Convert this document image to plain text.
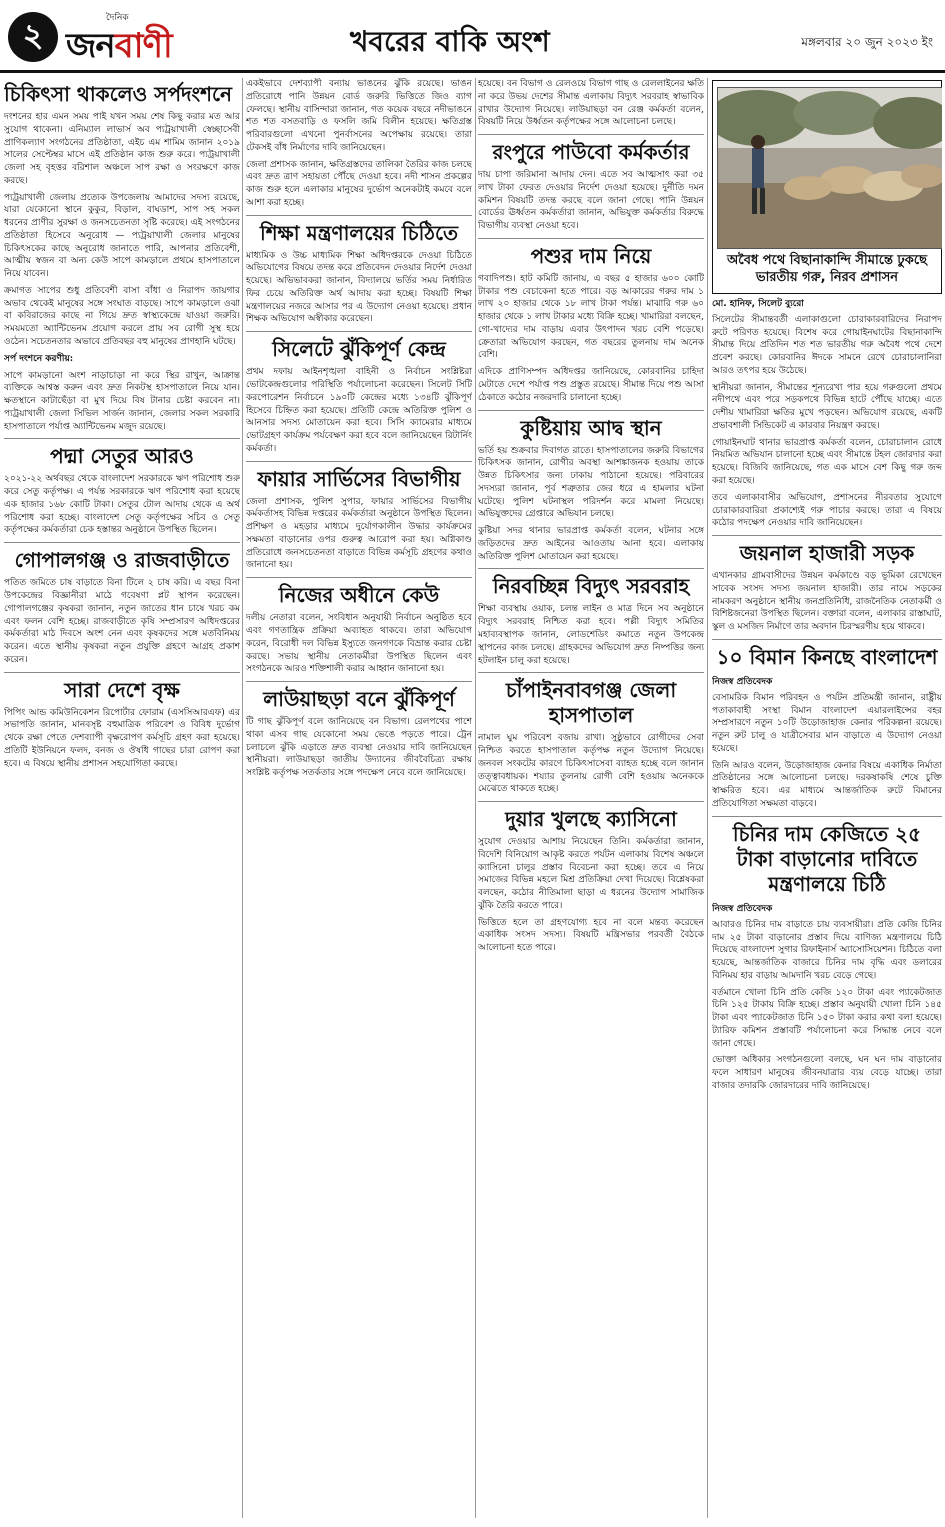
২	দৈনিক
জনবাণী	খবরের বাকি অংশ	মঙ্গলবার ২০ জুন ২০২৩ ইং
চিকিৎসা থাকলেও সর্পদংশনে

দংশনের হার এমন সময় পাই যখন সময় শেষ কিছু করার মত আর সুযোগ থাকেনা। এনিম্যাল লাভার্স অব প্যট্রয়াখালী স্বেচ্ছাসেবী প্রাণিকল্যাণ সংগঠনের প্রতিষ্ঠাতা, এইচ এম শামিম জানান ২০১৯ সালের সেপ্টেম্বর মাসে এই প্রতিষ্ঠান কাজ শুরু করে। প্যট্রয়াখালী জেলা সহ বৃহত্তর বরিশাল অঞ্চলে সাপ রক্ষা ও সংরক্ষণে কাজ করছে।

প্যট্রয়াখালী জেলায় প্রত্যেক উপজেলায় আমাদের সদস্য রয়েছে, যারা যেকোনো স্থানে কুকুর, বিড়াল, বাঘডাশ, সাপ সহ সকল ধরনের প্রাণীর সুরক্ষা ও জনসচেতনতা সৃষ্টি করেছে। এই সংগঠনের প্রতিষ্ঠাতা হিসেবে অনুরোধ — প্যট্রয়াখালী জেলার মানুষের চিকিৎসকের কাছে অনুরোধ জানাতে পারি, আপনার প্রতিবেশী, আত্মীয় স্বজন বা অন্য কেউ সাপে কামড়ালে প্রথমে হাসপাতালে নিয়ে যাবেন।

ক্রমাগত সাপের শুধু প্রতিবেশী বাসা বাঁধা ও নিরাপদ জায়গার অভাব থেকেই মানুষের সঙ্গে সংঘাত বাড়ছে। সাপে কামড়ালে ওঝা বা কবিরাজের কাছে না গিয়ে দ্রুত স্বাস্থ্যকেন্দ্রে যাওয়া জরুরি। সময়মতো অ্যান্টিভেনম প্রয়োগ করলে প্রায় সব রোগী সুস্থ হয়ে ওঠেন। সচেতনতার অভাবে প্রতিবছর বহু মানুষের প্রাণহানি ঘটছে।

সর্প দংশনে করণীয়:

সাপে কামড়ানো অংশ নাড়াচাড়া না করে স্থির রাখুন, আক্রান্ত ব্যক্তিকে আশ্বস্ত করুন এবং দ্রুত নিকটস্থ হাসপাতালে নিয়ে যান। ক্ষতস্থানে কাটাছেঁড়া বা মুখ দিয়ে বিষ টানার চেষ্টা করবেন না। প্যট্রয়াখালী জেলা সিভিল সার্জন জানান, জেলার সকল সরকারি হাসপাতালে পর্যাপ্ত অ্যান্টিভেনম মজুদ রয়েছে।

পদ্মা সেতুর আরও

২০২১-২২ অর্থবছর থেকে বাংলাদেশ সরকারকে ঋণ পরিশোধ শুরু করে সেতু কর্তৃপক্ষ। এ পর্যন্ত সরকারকে ঋণ পরিশোধ করা হয়েছে এক হাজার ১৬৮ কোটি টাকা। সেতুর টোল আদায় থেকে এ অর্থ পরিশোধ করা হচ্ছে। বাংলাদেশ সেতু কর্তৃপক্ষের সচিব ও সেতু কর্তৃপক্ষের কর্মকর্তারা চেক হস্তান্তর অনুষ্ঠানে উপস্থিত ছিলেন।

গোপালগঞ্জ ও রাজবাড়ীতে

পতিত জমিতে চাষ বাড়াতে বিনা টিলে ২ চাষ করি। এ বছর বিনা উপকেন্দ্রের বিজ্ঞানীরা মাঠে গবেষণা প্লট স্থাপন করেছেন। গোপালগঞ্জের কৃষকরা জানান, নতুন জাতের ধান চাষে খরচ কম এবং ফলন বেশি হচ্ছে। রাজবাড়ীতে কৃষি সম্প্রসারণ অধিদপ্তরের কর্মকর্তারা মাঠ দিবসে অংশ নেন এবং কৃষকদের সঙ্গে মতবিনিময় করেন। এতে স্থানীয় কৃষকরা নতুন প্রযুক্তি গ্রহণে আগ্রহ প্রকাশ করেন।

সারা দেশে বৃক্ষ

পিপিং আন্ড কমিউনিকেশন রিপোর্টার ফোরাম (এসসিআরএফ) এর সভাপতি জানান, মানবসৃষ্ট বহুমাত্রিক পরিবেশ ও বিবিধ দুর্ভোগ থেকে রক্ষা পেতে দেশব্যাপী বৃক্ষরোপণ কর্মসূচি গ্রহণ করা হয়েছে। প্রতিটি ইউনিয়নে ফলদ, বনজ ও ঔষধি গাছের চারা রোপণ করা হবে। এ বিষয়ে স্থানীয় প্রশাসন সহযোগিতা করছে।

একইভাবে দেশব্যাপী বন্যায় ভাঙনের ঝুঁকি রয়েছে। ভাঙন প্রতিরোধে পানি উন্নয়ন বোর্ড জরুরি ভিত্তিতে জিও ব্যাগ ফেলছে। স্থানীয় বাসিন্দারা জানান, গত কয়েক বছরে নদীভাঙনে শত শত বসতবাড়ি ও ফসলি জমি বিলীন হয়েছে। ক্ষতিগ্রস্ত পরিবারগুলো এখনো পুনর্বাসনের অপেক্ষায় রয়েছে। তারা টেকসই বাঁধ নির্মাণের দাবি জানিয়েছেন।

জেলা প্রশাসক জানান, ক্ষতিগ্রস্তদের তালিকা তৈরির কাজ চলছে এবং দ্রুত ত্রাণ সহায়তা পৌঁছে দেওয়া হবে। নদী শাসন প্রকল্পের কাজ শুরু হলে এলাকার মানুষের দুর্ভোগ অনেকটাই কমবে বলে আশা করা হচ্ছে।

শিক্ষা মন্ত্রণালয়ের চিঠিতে

মাধ্যমিক ও উচ্চ মাধ্যমিক শিক্ষা অধিদপ্তরকে দেওয়া চিঠিতে অভিযোগের বিষয়ে তদন্ত করে প্রতিবেদন দেওয়ার নির্দেশ দেওয়া হয়েছে। অভিভাবকরা জানান, বিদ্যালয়ে ভর্তির সময় নির্ধারিত ফির চেয়ে অতিরিক্ত অর্থ আদায় করা হচ্ছে। বিষয়টি শিক্ষা মন্ত্রণালয়ের নজরে আসার পর এ উদ্যোগ নেওয়া হয়েছে। প্রধান শিক্ষক অভিযোগ অস্বীকার করেছেন।

সিলেটে ঝুঁকিপূর্ণ কেন্দ্র

প্রথম দফায় আইনশৃঙ্খলা বাহিনী ও নির্বাচন সংশ্লিষ্টরা ভোটকেন্দ্রগুলোর পরিস্থিতি পর্যালোচনা করেছেন। সিলেট সিটি করপোরেশন নির্বাচনে ১৯০টি কেন্দ্রের মধ্যে ১৩৪টি ঝুঁকিপূর্ণ হিসেবে চিহ্নিত করা হয়েছে। প্রতিটি কেন্দ্রে অতিরিক্ত পুলিশ ও আনসার সদস্য মোতায়েন করা হবে। সিসি ক্যামেরার মাধ্যমে ভোটগ্রহণ কার্যক্রম পর্যবেক্ষণ করা হবে বলে জানিয়েছেন রিটার্নিং কর্মকর্তা।

ফায়ার সার্ভিসের বিভাগীয়

জেলা প্রশাসক, পুলিশ সুপার, ফায়ার সার্ভিসের বিভাগীয় কর্মকর্তাসহ বিভিন্ন দপ্তরের কর্মকর্তারা অনুষ্ঠানে উপস্থিত ছিলেন। প্রশিক্ষণ ও মহড়ার মাধ্যমে দুর্যোগকালীন উদ্ধার কার্যক্রমের সক্ষমতা বাড়ানোর ওপর গুরুত্ব আরোপ করা হয়। অগ্নিকাণ্ড প্রতিরোধে জনসচেতনতা বাড়াতে বিভিন্ন কর্মসূচি গ্রহণের কথাও জানানো হয়।

নিজের অধীনে কেউ

দলীয় নেতারা বলেন, সংবিধান অনুযায়ী নির্বাচন অনুষ্ঠিত হবে এবং গণতান্ত্রিক প্রক্রিয়া অব্যাহত থাকবে। তারা অভিযোগ করেন, বিরোধী দল বিভিন্ন ইস্যুতে জনগণকে বিভ্রান্ত করার চেষ্টা করছে। সভায় স্থানীয় নেতাকর্মীরা উপস্থিত ছিলেন এবং সংগঠনকে আরও শক্তিশালী করার আহ্বান জানানো হয়।

লাউয়াছড়া বনে ঝুঁকিপূর্ণ

টি গাছ ঝুঁকিপূর্ণ বলে জানিয়েছে বন বিভাগ। রেলপথের পাশে থাকা এসব গাছ যেকোনো সময় ভেঙে পড়তে পারে। ট্রেন চলাচলে ঝুঁকি এড়াতে দ্রুত ব্যবস্থা নেওয়ার দাবি জানিয়েছেন স্থানীয়রা। লাউয়াছড়া জাতীয় উদ্যানের জীববৈচিত্র্য রক্ষায় সংশ্লিষ্ট কর্তৃপক্ষ সতর্কতার সঙ্গে পদক্ষেপ নেবে বলে জানিয়েছে।

হয়েছে। বন বিভাগ ও রেলওয়ে বিভাগ গাছ ও রেললাইনের ক্ষতি না করে উভয় দেশের সীমান্ত এলাকায় বিদ্যুৎ সরবরাহ স্বাভাবিক রাখার উদ্যোগ নিয়েছে। লাউয়াছড়া বন রেঞ্জ কর্মকর্তা বলেন, বিষয়টি নিয়ে উর্ধ্বতন কর্তৃপক্ষের সঙ্গে আলোচনা চলছে।

রংপুরে পাউবো কর্মকর্তার

দায় চাপা জরিমানা আদায় দেন। এতে সব আত্মসাৎ করা ৩৫ লাখ টাকা ফেরত দেওয়ার নির্দেশ দেওয়া হয়েছে। দুর্নীতি দমন কমিশন বিষয়টি তদন্ত করছে বলে জানা গেছে। পানি উন্নয়ন বোর্ডের ঊর্ধ্বতন কর্মকর্তারা জানান, অভিযুক্ত কর্মকর্তার বিরুদ্ধে বিভাগীয় ব্যবস্থা নেওয়া হবে।

পশুর দাম নিয়ে

গবাদিপশু। হাট কমিটি জানায়, এ বছর ৫ হাজার ৬০০ কোটি টাকার পশু বেচাকেনা হতে পারে। বড় আকারের গরুর দাম ১ লাখ ২০ হাজার থেকে ১৮ লাখ টাকা পর্যন্ত। মাঝারি গরু ৬০ হাজার থেকে ১ লাখ টাকার মধ্যে বিক্রি হচ্ছে। খামারিরা বলছেন, গো-খাদ্যের দাম বাড়ায় এবার উৎপাদন খরচ বেশি পড়েছে। ক্রেতারা অভিযোগ করছেন, গত বছরের তুলনায় দাম অনেক বেশি।

এদিকে প্রাণিসম্পদ অধিদপ্তর জানিয়েছে, কোরবানির চাহিদা মেটাতে দেশে পর্যাপ্ত পশু প্রস্তুত রয়েছে। সীমান্ত দিয়ে পশু আসা ঠেকাতে কঠোর নজরদারি চালানো হচ্ছে।

কুষ্টিয়ায় আদ্ব স্থান

ভর্তি হয় শুক্রবার দিবাগত রাতে। হাসপাতালের জরুরি বিভাগের চিকিৎসক জানান, রোগীর অবস্থা আশঙ্কাজনক হওয়ায় তাকে উন্নত চিকিৎসার জন্য ঢাকায় পাঠানো হয়েছে। পরিবারের সদস্যরা জানান, পূর্ব শত্রুতার জের ধরে এ হামলার ঘটনা ঘটেছে। পুলিশ ঘটনাস্থল পরিদর্শন করে মামলা নিয়েছে। অভিযুক্তদের গ্রেপ্তারে অভিযান চলছে।

কুষ্টিয়া সদর থানার ভারপ্রাপ্ত কর্মকর্তা বলেন, ঘটনার সঙ্গে জড়িতদের দ্রুত আইনের আওতায় আনা হবে। এলাকায় অতিরিক্ত পুলিশ মোতায়েন করা হয়েছে।

নিরবচ্ছিন্ন বিদ্যুৎ সরবরাহ

শিক্ষা ব্যবস্থায় ওয়াক, চলন্ত লাইন ও মাত্র দিনে সব অনুষ্ঠানে বিদ্যুৎ সরবরাহ নিশ্চিত করা হবে। পল্লী বিদ্যুৎ সমিতির মহাব্যবস্থাপক জানান, লোডশেডিং কমাতে নতুন উপকেন্দ্র স্থাপনের কাজ চলছে। গ্রাহকদের অভিযোগ দ্রুত নিষ্পত্তির জন্য হটলাইন চালু করা হয়েছে।

চাঁপাইনবাবগঞ্জ জেলা হাসপাতাল

নামাল ঘুম পরিবেশ বজায় রাখা। সুষ্ঠুভাবে রোগীদের সেবা নিশ্চিত করতে হাসপাতাল কর্তৃপক্ষ নতুন উদ্যোগ নিয়েছে। জনবল সংকটের কারণে চিকিৎসাসেবা ব্যাহত হচ্ছে বলে জানান তত্ত্বাবধায়ক। শয্যার তুলনায় রোগী বেশি হওয়ায় অনেককে মেঝেতে থাকতে হচ্ছে।

দুয়ার খুলছে ক্যাসিনো

সুযোগ দেওয়ার আশায় নিয়েছেন তিনি। কর্মকর্তারা জানান, বিদেশি বিনিয়োগ আকৃষ্ট করতে পর্যটন এলাকায় বিশেষ অঞ্চলে ক্যাসিনো চালুর প্রস্তাব বিবেচনা করা হচ্ছে। তবে এ নিয়ে সমাজের বিভিন্ন মহলে মিশ্র প্রতিক্রিয়া দেখা দিয়েছে। বিশ্লেষকরা বলছেন, কঠোর নীতিমালা ছাড়া এ ধরনের উদ্যোগ সামাজিক ঝুঁকি তৈরি করতে পারে।

ভিত্তিতে হলে তা গ্রহণযোগ্য হবে না বলে মন্তব্য করেছেন একাধিক সংসদ সদস্য। বিষয়টি মন্ত্রিসভার পরবর্তী বৈঠকে আলোচনা হতে পারে।

অবৈধ পথে বিছানাকান্দি সীমান্তে ঢুকছে ভারতীয় গরু, নিরব প্রশাসন
মো. হানিফ, সিলেট ব্যুরো

সিলেটের সীমান্তবর্তী এলাকাগুলো চোরাকারবারিদের নিরাপদ রুটে পরিণত হয়েছে। বিশেষ করে গোয়াইনঘাটের বিছানাকান্দি সীমান্ত দিয়ে প্রতিদিন শত শত ভারতীয় গরু অবৈধ পথে দেশে প্রবেশ করছে। কোরবানির ঈদকে সামনে রেখে চোরাচালানিরা আরও তৎপর হয়ে উঠেছে।

স্থানীয়রা জানান, সীমান্তের শূন্যরেখা পার হয়ে গরুগুলো প্রথমে নদীপথে এবং পরে সড়কপথে বিভিন্ন হাটে পৌঁছে যাচ্ছে। এতে দেশীয় খামারিরা ক্ষতির মুখে পড়ছেন। অভিযোগ রয়েছে, একটি প্রভাবশালী সিন্ডিকেট এ কারবার নিয়ন্ত্রণ করছে।

গোয়াইনঘাট থানার ভারপ্রাপ্ত কর্মকর্তা বলেন, চোরাচালান রোধে নিয়মিত অভিযান চালানো হচ্ছে এবং সীমান্তে টহল জোরদার করা হয়েছে। বিজিবি জানিয়েছে, গত এক মাসে বেশ কিছু গরু জব্দ করা হয়েছে।

তবে এলাকাবাসীর অভিযোগ, প্রশাসনের নীরবতার সুযোগে চোরাকারবারিরা প্রকাশ্যেই গরু পাচার করছে। তারা এ বিষয়ে কঠোর পদক্ষেপ নেওয়ার দাবি জানিয়েছেন।

জয়নাল হাজারী সড়ক

এখানকার গ্রামবাসীদের উন্নয়ন কর্মকাণ্ডে বড় ভূমিকা রেখেছেন সাবেক সংসদ সদস্য জয়নাল হাজারী। তার নামে সড়কের নামকরণ অনুষ্ঠানে স্থানীয় জনপ্রতিনিধি, রাজনৈতিক নেতাকর্মী ও বিশিষ্টজনেরা উপস্থিত ছিলেন। বক্তারা বলেন, এলাকার রাস্তাঘাট, স্কুল ও মসজিদ নির্মাণে তার অবদান চিরস্মরণীয় হয়ে থাকবে।

১০ বিমান কিনছে বাংলাদেশ
নিজস্ব প্রতিবেদক

বেসামরিক বিমান পরিবহন ও পর্যটন প্রতিমন্ত্রী জানান, রাষ্ট্রীয় পতাকাবাহী সংস্থা বিমান বাংলাদেশ এয়ারলাইন্সের বহর সম্প্রসারণে নতুন ১০টি উড়োজাহাজ কেনার পরিকল্পনা রয়েছে। নতুন রুট চালু ও যাত্রীসেবার মান বাড়াতে এ উদ্যোগ নেওয়া হয়েছে।

তিনি আরও বলেন, উড়োজাহাজ কেনার বিষয়ে একাধিক নির্মাতা প্রতিষ্ঠানের সঙ্গে আলোচনা চলছে। দরকষাকষি শেষে চুক্তি স্বাক্ষরিত হবে। এর মাধ্যমে আন্তর্জাতিক রুটে বিমানের প্রতিযোগিতা সক্ষমতা বাড়বে।

চিনির দাম কেজিতে ২৫ টাকা বাড়ানোর দাবিতে মন্ত্রণালয়ে চিঠি
নিজস্ব প্রতিবেদক

আবারও চিনির দাম বাড়াতে চায় ব্যবসায়ীরা। প্রতি কেজি চিনির দাম ২৫ টাকা বাড়ানোর প্রস্তাব দিয়ে বাণিজ্য মন্ত্রণালয়ে চিঠি দিয়েছে বাংলাদেশ সুগার রিফাইনার্স অ্যাসোসিয়েশন। চিঠিতে বলা হয়েছে, আন্তর্জাতিক বাজারে চিনির দাম বৃদ্ধি এবং ডলারের বিনিময় হার বাড়ায় আমদানি খরচ বেড়ে গেছে।

বর্তমানে খোলা চিনি প্রতি কেজি ১২০ টাকা এবং প্যাকেটজাত চিনি ১২৫ টাকায় বিক্রি হচ্ছে। প্রস্তাব অনুযায়ী খোলা চিনি ১৪৫ টাকা এবং প্যাকেটজাত চিনি ১৫০ টাকা করার কথা বলা হয়েছে। ট্যারিফ কমিশন প্রস্তাবটি পর্যালোচনা করে সিদ্ধান্ত নেবে বলে জানা গেছে।

ভোক্তা অধিকার সংগঠনগুলো বলছে, ঘন ঘন দাম বাড়ানোর ফলে সাধারণ মানুষের জীবনযাত্রার ব্যয় বেড়ে যাচ্ছে। তারা বাজার তদারকি জোরদারের দাবি জানিয়েছে।
